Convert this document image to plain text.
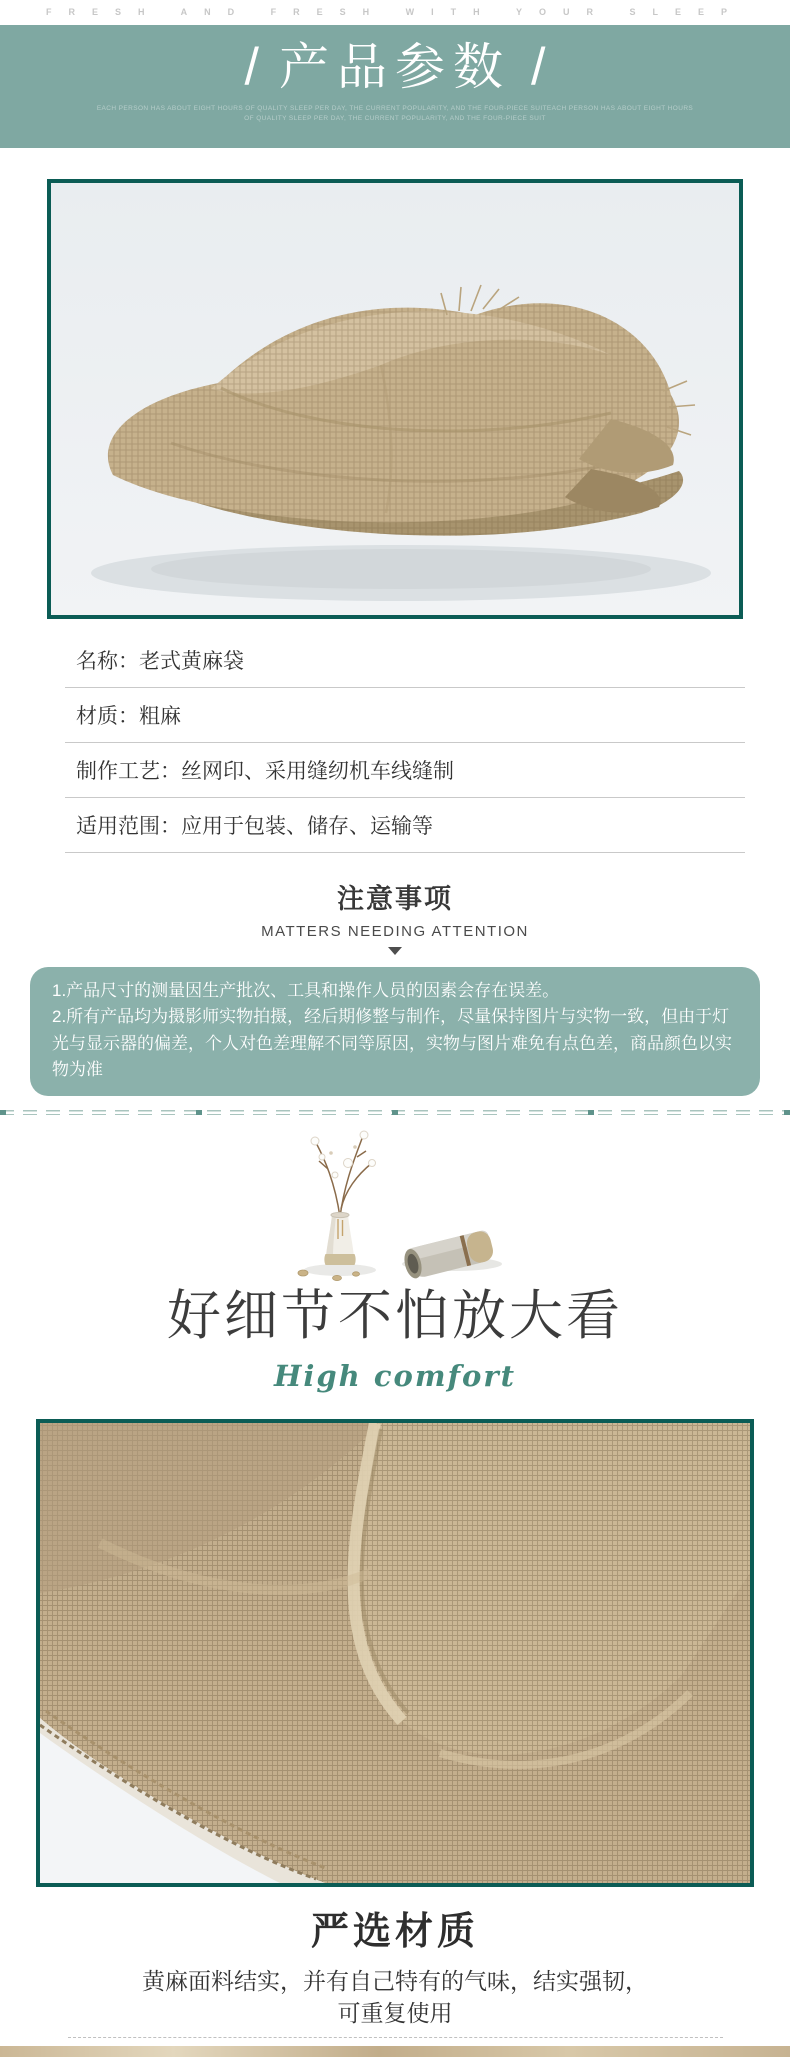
FRESH AND FRESH WITH YOUR SLEEP
/ 产品参数 /
EACH PERSON HAS ABOUT EIGHT HOURS OF QUALITY SLEEP PER DAY, THE CURRENT POPULARITY, AND THE FOUR-PIECE SUITEACH PERSON HAS ABOUT EIGHT HOURS
OF QUALITY SLEEP PER DAY, THE CURRENT POPULARITY, AND THE FOUR-PIECE SUIT
名称：老式黄麻袋
材质：粗麻
制作工艺：丝网印、采用缝纫机车线缝制
适用范围：应用于包装、储存、运输等
注意事项
MATTERS NEEDING ATTENTION

1.产品尺寸的测量因生产批次、工具和操作人员的因素会存在误差。

2.所有产品均为摄影师实物拍摄，经后期修整与制作，尽量保持图片与实物一致，但由于灯光与显示器的偏差，个人对色差理解不同等原因，实物与图片难免有点色差，商品颜色以实物为准

好细节不怕放大看
High comfort
严选材质
黄麻面料结实，并有自己特有的气味，结实强韧，
可重复使用
